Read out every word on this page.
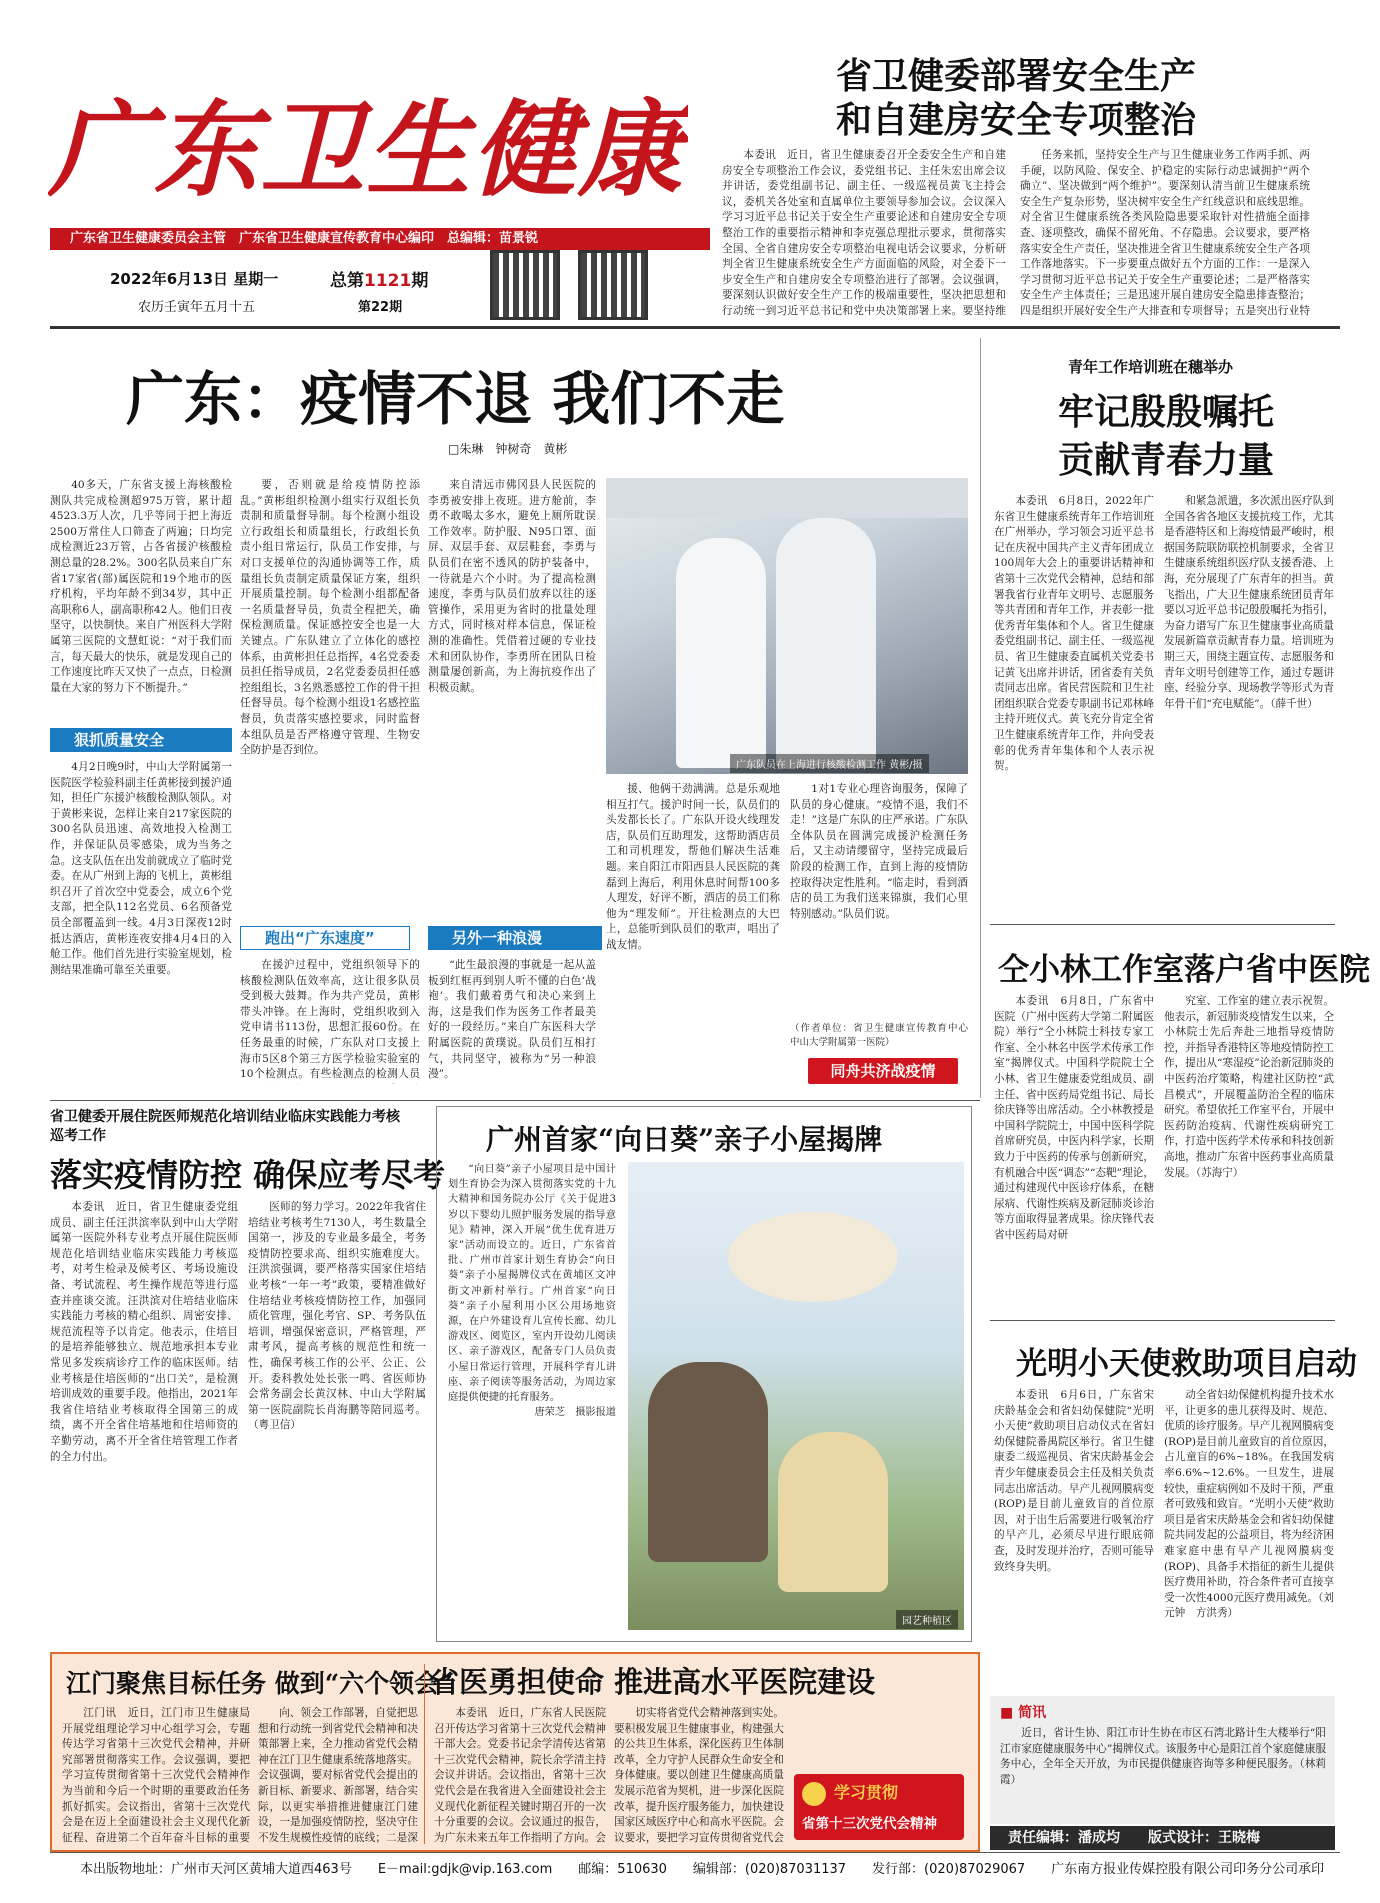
广东卫生健康
广东省卫生健康委员会主管　广东省卫生健康宣传教育中心编印　总编辑：苗景锐
2022年6月13日 星期一
农历壬寅年五月十五
总第1121期
第22期
省卫健委部署安全生产
和自建房安全专项整治

本委讯　近日，省卫生健康委召开全委安全生产和自建房安全专项整治工作会议，委党组书记、主任朱宏出席会议并讲话，委党组副书记、副主任、一级巡视员黄飞主持会议，委机关各处室和直属单位主要领导参加会议。会议深入学习习近平总书记关于安全生产重要论述和自建房安全专项整治工作的重要指示精神和李克强总理批示要求，贯彻落实全国、全省自建房安全专项整治电视电话会议要求，分析研判全省卫生健康系统安全生产方面面临的风险，对全委下一步安全生产和自建房安全专项整治进行了部署。会议强调，要深刻认识做好安全生产工作的极端重要性，坚决把思想和行动统一到习近平总书记和党中央决策部署上来。要坚持维

任务来抓，坚持安全生产与卫生健康业务工作两手抓、两手硬，以防风险、保安全、护稳定的实际行动忠诚拥护“两个确立”、坚决做到“两个维护”。要深刻认清当前卫生健康系统安全生产复杂形势，坚决树牢安全生产红线意识和底线思维。对全省卫生健康系统各类风险隐患要采取针对性措施全面排查、逐项整改，确保不留死角、不存隐患。会议要求，要严格落实安全生产责任，坚决推进全省卫生健康系统安全生产各项工作落地落实。下一步要重点做好五个方面的工作：一是深入学习贯彻习近平总书记关于安全生产重要论述；二是严格落实安全生产主体责任；三是迅速开展自建房安全隐患排查整治；四是组织开展好安全生产大排查和专项督导；五是突出行业特

广东：疫情不退 我们不走
□朱琳　钟树奇　黄彬

40多天，广东省支援上海核酸检测队共完成检测超975万管，累计超4523.3万人次，几乎等同于把上海近2500万常住人口筛查了两遍；日均完成检测近23万管，占各省援沪核酸检测总量的28.2%。300名队员来自广东省17家省(部)属医院和19个地市的医疗机构，平均年龄不到34岁，其中正高职称6人，副高职称42人。他们日夜坚守，以快制快。来自广州医科大学附属第三医院的文慧虹说：“对于我们而言，每天最大的快乐，就是发现自己的工作速度比昨天又快了一点点，日检测量在大家的努力下不断提升。”

狠抓质量安全

4月2日晚9时，中山大学附属第一医院医学检验科副主任黄彬接到援沪通知，担任广东援沪核酸检测队领队。对于黄彬来说，怎样让来自217家医院的300名队员迅速、高效地投入检测工作，并保证队员零感染，成为当务之急。这支队伍在出发前就成立了临时党委。在从广州到上海的飞机上，黄彬组织召开了首次空中党委会，成立6个党支部，把全队112名党员、6名预备党员全部覆盖到一线。4月3日深夜12时抵达酒店，黄彬连夜安排4月4日的入舱工作。他们首先进行实验室规划，检测结果准确可靠至关重要。

要，否则就是给疫情防控添乱。”黄彬组织检测小组实行双组长负责制和质量督导制。每个检测小组设立行政组长和质量组长，行政组长负责小组日常运行，队员工作安排，与对口支援单位的沟通协调等工作，质量组长负责制定质量保证方案，组织开展质量控制。每个检测小组都配备一名质量督导员，负责全程把关，确保检测质量。保证感控安全也是一大关键点。广东队建立了立体化的感控体系，由黄彬担任总指挥，4名党委委员担任指导成员，2名党委委员担任感控组组长，3名熟悉感控工作的骨干担任督导员。每个检测小组设1名感控监督员，负责落实感控要求，同时监督本组队员是否严格遵守管理、生物安全防护是否到位。

跑出“广东速度”

在援沪过程中，党组织领导下的核酸检测队伍效率高，这让很多队员受到极大鼓舞。作为共产党员，黄彬带头冲锋。在上海时，党组织收到入党申请书113份，思想汇报60份。在任务最重的时候，广东队对口支援上海市5区8个第三方医学检验实验室的10个检测点。有些检测点的检测人员

来自清远市佛冈县人民医院的李勇被安排上夜班。进方舱前，李勇不敢喝太多水，避免上厕所耽误工作效率。防护服、N95口罩、面屏、双层手套、双层鞋套，李勇与队员们在密不透风的防护装备中，一待就是六个小时。为了提高检测速度，李勇与队员们放弃以往的逐管操作，采用更为省时的批量处理方式，同时核对样本信息，保证检测的准确性。凭借着过硬的专业技术和团队协作，李勇所在团队日检测量屡创新高，为上海抗疫作出了积极贡献。

另外一种浪漫

“此生最浪漫的事就是一起从盖板到红框再到别人听不懂的白色‘战袍’。我们戴着勇气和决心来到上海，这是我们作为医务工作者最美好的一段经历。”来自广东医科大学附属医院的黄璞说。队员们互相打气，共同坚守，被称为“另一种浪漫”。

广东队员在上海进行核酸检测工作 黄彬/摄

援、他俩干劲满满。总是乐观地相互打气。援沪时间一长，队员们的头发都长长了。广东队开设火线理发店，队员们互助理发，这帮助酒店员工和司机理发，帮他们解决生活难题。来自阳江市阳西县人民医院的龚磊到上海后，利用休息时间帮100多人理发，好评不断，酒店的员工们称他为“理发师”。开往检测点的大巴上，总能听到队员们的歌声，唱出了战友情。

1对1专业心理咨询服务，保障了队员的身心健康。“疫情不退，我们不走！”这是广东队的庄严承诺。广东队全体队员在圆满完成援沪检测任务后，又主动请缨留守，坚持完成最后阶段的检测工作，直到上海的疫情防控取得决定性胜利。“临走时，看到酒店的员工为我们送来锦旗，我们心里特别感动。”队员们说。

（作者单位：省卫生健康宣传教育中心　中山大学附属第一医院）

同舟共济战疫情
青年工作培训班在穗举办
牢记殷殷嘱托
贡献青春力量

本委讯　6月8日，2022年广东省卫生健康系统青年工作培训班在广州举办，学习领会习近平总书记在庆祝中国共产主义青年团成立100周年大会上的重要讲话精神和省第十三次党代会精神，总结和部署我省行业青年文明号、志愿服务等共青团和青年工作，并表彰一批优秀青年集体和个人。省卫生健康委党组副书记、副主任、一级巡视员、省卫生健康委直属机关党委书记黄飞出席并讲话，团省委有关负责同志出席。省民营医院和卫生社团组织联合党委专职副书记邓林峰主持开班仪式。黄飞充分肯定全省卫生健康系统青年工作，并向受表彰的优秀青年集体和个人表示祝贺。

和紧急派遣，多次派出医疗队到全国各省各地区支援抗疫工作，尤其是香港特区和上海疫情最严峻时，根据国务院联防联控机制要求，全省卫生健康系统组织医疗队支援香港、上海，充分展现了广东青年的担当。黄飞指出，广大卫生健康系统团员青年要以习近平总书记殷殷嘱托为指引，为奋力谱写广东卫生健康事业高质量发展新篇章贡献青春力量。培训班为期三天，围绕主题宣传、志愿服务和青年文明号创建等工作，通过专题讲座、经验分享、现场教学等形式为青年骨干们“充电赋能”。（薛千世）

仝小林工作室落户省中医院

本委讯　6月8日，广东省中医院（广州中医药大学第二附属医院）举行“仝小林院士科技专家工作室、全小林名中医学术传承工作室”揭牌仪式。中国科学院院士仝小林、省卫生健康委党组成员、副主任、省中医药局党组书记、局长徐庆锋等出席活动。仝小林教授是中国科学院院士，中国中医科学院首席研究员，中医内科学家，长期致力于中医药的传承与创新研究，有机融合中医“调态”“态靶”理论，通过构建现代中医诊疗体系，在糖尿病、代谢性疾病及新冠肺炎诊治等方面取得显著成果。徐庆锋代表省中医药局对研

究室、工作室的建立表示祝贺。他表示，新冠肺炎疫情发生以来，仝小林院士先后奔赴三地指导疫情防控，并指导香港特区等地疫情防控工作，提出从“寒湿疫”论治新冠肺炎的中医药治疗策略，构建社区防控“武昌模式”，开展覆盖防治全程的临床研究。希望依托工作室平台，开展中医药防治疫病、代谢性疾病研究工作，打造中医药学术传承和科技创新高地，推动广东省中医药事业高质量发展。（苏海宁）

省卫健委开展住院医师规范化培训结业临床实践能力考核巡考工作
落实疫情防控 确保应考尽考

本委讯　近日，省卫生健康委党组成员、副主任汪洪滨率队到中山大学附属第一医院外科专业考点开展住院医师规范化培训结业临床实践能力考核巡考，对考生检录及候考区、考场设施设备、考试流程、考生操作规范等进行巡查并座谈交流。汪洪滨对住培结业临床实践能力考核的精心组织、周密安排、规范流程等予以肯定。他表示，住培目的是培养能够独立、规范地承担本专业常见多发疾病诊疗工作的临床医师。结业考核是住培医师的“出口关”，是检测培训成效的重要手段。他指出，2021年我省住培结业考核取得全国第三的成绩，离不开全省住培基地和住培师资的辛勤劳动，离不开全省住培管理工作者的全力付出。

医师的努力学习。2022年我省住培结业考核考生7130人，考生数量全国第一，涉及的专业最多最全，考务疫情防控要求高、组织实施难度大。汪洪滨强调，要严格落实国家住培结业考核“一年一考”政策，要精准做好住培结业考核疫情防控工作，加强同质化管理，强化考官、SP、考务队伍培训，增强保密意识，严格管理，严肃考风，提高考核的规范性和统一性，确保考核工作的公平、公正、公开。委科教处处长张一鸣、省医师协会常务副会长黄汉林、中山大学附属第一医院副院长肖海鹏等陪同巡考。（粤卫信）

广州首家“向日葵”亲子小屋揭牌

“向日葵”亲子小屋项目是中国计划生育协会为深入贯彻落实党的十九大精神和国务院办公厅《关于促进3岁以下婴幼儿照护服务发展的指导意见》精神，深入开展“优生优育进万家”活动而设立的。近日，广东省首批、广州市首家计划生育协会“向日葵”亲子小屋揭牌仪式在黄埔区文冲街文冲新村举行。广州首家“向日葵”亲子小屋利用小区公用场地资源，在户外建设育儿宣传长廊、幼儿游戏区、阅览区，室内开设幼儿阅读区、亲子游戏区，配备专门人员负责小屋日常运行管理，开展科学育儿讲座、亲子阅读等服务活动，为周边家庭提供便捷的托育服务。

唐荣芝　 摄影报道

园艺种植区
光明小天使救助项目启动

本委讯　6月6日，广东省宋庆龄基金会和省妇幼保健院“光明小天使”救助项目启动仪式在省妇幼保健院番禺院区举行。省卫生健康委二级巡视员、省宋庆龄基金会青少年健康委员会主任及相关负责同志出席活动。早产儿视网膜病变(ROP)是目前儿童致盲的首位原因，对于出生后需要进行吸氧治疗的早产儿，必须尽早进行眼底筛查，及时发现并治疗，否则可能导致终身失明。

动全省妇幼保健机构提升技术水平，让更多的患儿获得及时、规范、优质的诊疗服务。早产儿视网膜病变(ROP)是目前儿童致盲的首位原因，占儿童盲的6%~18%。在我国发病率6.6%~12.6%。一旦发生，进展较快，重症病例如不及时干预，严重者可致残和致盲。“光明小天使”救助项目是省宋庆龄基金会和省妇幼保健院共同发起的公益项目，将为经济困难家庭中患有早产儿视网膜病变(ROP)、具备手术指征的新生儿提供医疗费用补助，符合条件者可直接享受一次性4000元医疗费用减免。（刘元钟　方洪秀）

江门聚焦目标任务 做到“六个领会”

江门讯　近日，江门市卫生健康局开展党组理论学习中心组学习会，专题传达学习省第十三次党代会精神，并研究部署贯彻落实工作。会议强调，要把学习宣传贯彻省第十三次党代会精神作为当前和今后一个时期的重要政治任务抓好抓实。会议指出，省第十三次党代会是在迈上全面建设社会主义现代化新征程、奋进第二个百年奋斗目标的重要

向、领会工作部署，自觉把思想和行动统一到省党代会精神和决策部署上来，全力推动省党代会精神在江门卫生健康系统落地落实。会议强调，要对标省党代会提出的新目标、新要求、新部署，结合实际，以更实举措推进健康江门建设，一是加强疫情防控，坚决守住不发生规模性疫情的底线；二是深

省医勇担使命 推进高水平医院建设

本委讯　近日，广东省人民医院召开传达学习省第十三次党代会精神干部大会。党委书记余学清传达省第十三次党代会精神，院长余学清主持会议并讲话。会议指出，省第十三次党代会是在我省进入全面建设社会主义现代化新征程关键时期召开的一次十分重要的会议。会议通过的报告，为广东未来五年工作指明了方向。会

切实将省党代会精神落到实处。要积极发展卫生健康事业，构建强大的公共卫生体系，深化医药卫生体制改革，全力守护人民群众生命安全和身体健康。要以创建卫生健康高质量发展示范省为契机，进一步深化医院改革，提升医疗服务能力，加快建设国家区域医疗中心和高水平医院。会议要求，要把学习宣传贯彻省党代会

学习贯彻
省第十三次党代会精神
■ 简讯

近日，省计生协、阳江市计生协在市区石湾北路计生大楼举行“阳江市家庭健康服务中心”揭牌仪式。该服务中心是阳江首个家庭健康服务中心，全年全天开放，为市民提供健康咨询等多种便民服务。（林莉霞）

责任编辑：潘成均　　版式设计：王晓梅
本出版物地址：广州市天河区黄埔大道西463号　　E－mail:gdjk@vip.163.com　　邮编：510630　　编辑部：(020)87031137　　发行部：(020)87029067　　广东南方报业传媒控股有限公司印务分公司承印
